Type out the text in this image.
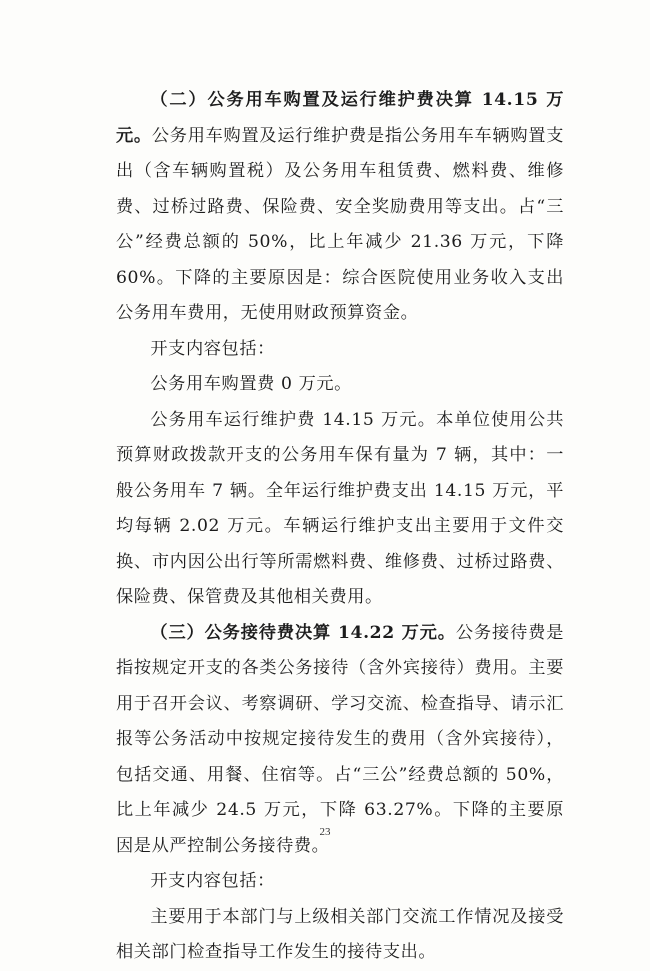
（二）公务用车购置及运行维护费决算 14.15 万元。公务用车购置及运行维护费是指公务用车车辆购置支出（含车辆购置税）及公务用车租赁费、燃料费、维修费、过桥过路费、保险费、安全奖励费用等支出。占“三公”经费总额的 50%，比上年减少 21.36 万元，下降 60%。下降的主要原因是：综合医院使用业务收入支出公务用车费用，无使用财政预算资金。

开支内容包括：

公务用车购置费 0 万元。

公务用车运行维护费 14.15 万元。本单位使用公共预算财政拨款开支的公务用车保有量为 7 辆，其中：一般公务用车 7 辆。全年运行维护费支出 14.15 万元，平均每辆 2.02 万元。车辆运行维护支出主要用于文件交换、市内因公出行等所需燃料费、维修费、过桥过路费、保险费、保管费及其他相关费用。

（三）公务接待费决算 14.22 万元。公务接待费是指按规定开支的各类公务接待（含外宾接待）费用。主要用于召开会议、考察调研、学习交流、检查指导、请示汇报等公务活动中按规定接待发生的费用（含外宾接待），包括交通、用餐、住宿等。占“三公”经费总额的 50%，比上年减少 24.5 万元，下降 63.27%。下降的主要原因是从严控制公务接待费。

开支内容包括：

主要用于本部门与上级相关部门交流工作情况及接受相关部门检查指导工作发生的接待支出。

23
